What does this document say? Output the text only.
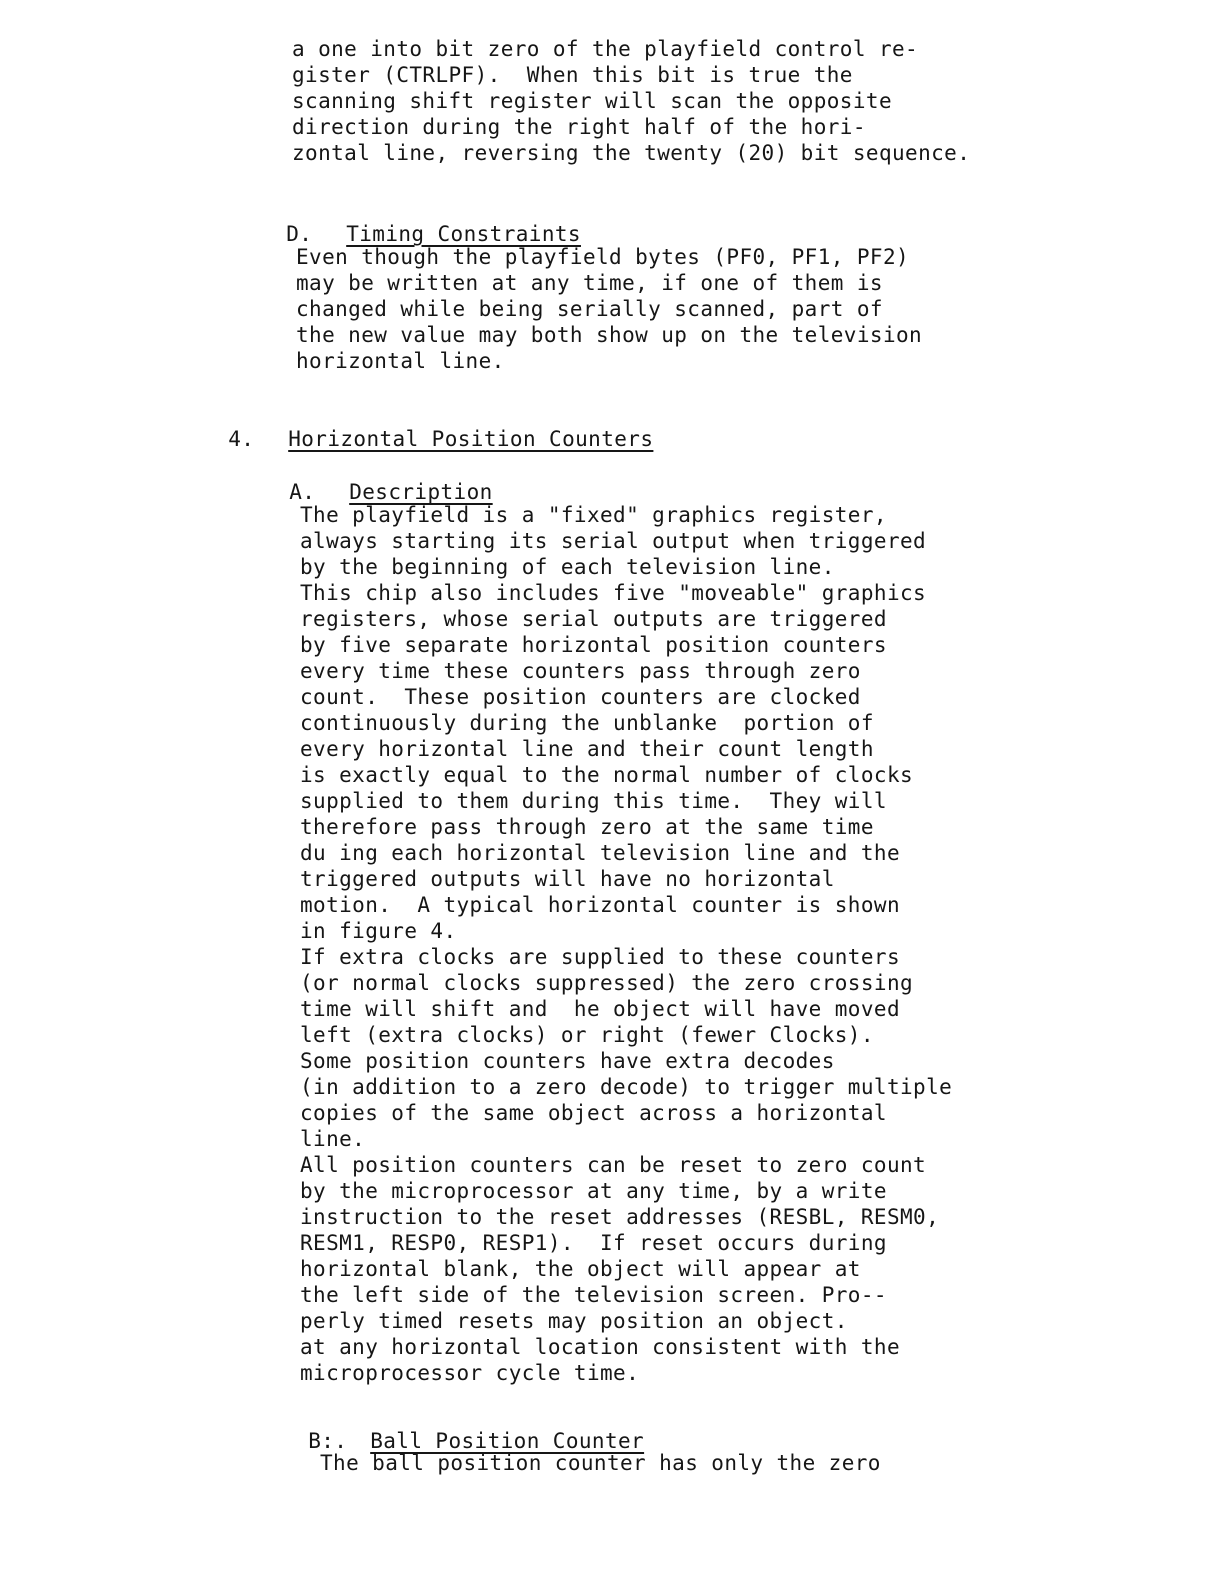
a one into bit zero of the playfield control re-
gister (CTRLPF).  When this bit is true the
scanning shift register will scan the opposite
direction during the right half of the hori-
zontal line, reversing the twenty (20) bit sequence.

D. Timing Constraints

Even though the playfield bytes (PF0, PF1, PF2)
may be written at any time, if one of them is
changed while being serially scanned, part of
the new value may both show up on the television
horizontal line.

4. Horizontal Position Counters

A. Description

The playfield is a "fixed" graphics register,
always starting its serial output when triggered
by the beginning of each television line.
This chip also includes five "moveable" graphics
registers, whose serial outputs are triggered
by five separate horizontal position counters
every time these counters pass through zero
count.  These position counters are clocked
continuously during the unblanke  portion of
every horizontal line and their count length
is exactly equal to the normal number of clocks
supplied to them during this time.  They will
therefore pass through zero at the same time
du ing each horizontal television line and the
triggered outputs will have no horizontal
motion.  A typical horizontal counter is shown
in figure 4.
If extra clocks are supplied to these counters
(or normal clocks suppressed) the zero crossing
time will shift and  he object will have moved
left (extra clocks) or right (fewer Clocks).
Some position counters have extra decodes
(in addition to a zero decode) to trigger multiple
copies of the same object across a horizontal
line.
All position counters can be reset to zero count
by the microprocessor at any time, by a write
instruction to the reset addresses (RESBL, RESM0,
RESM1, RESP0, RESP1).  If reset occurs during
horizontal blank, the object will appear at
the left side of the television screen. Pro--
perly timed resets may position an object.
at any horizontal location consistent with the
microprocessor cycle time.

B:. Ball Position Counter

The ball position counter has only the zero
